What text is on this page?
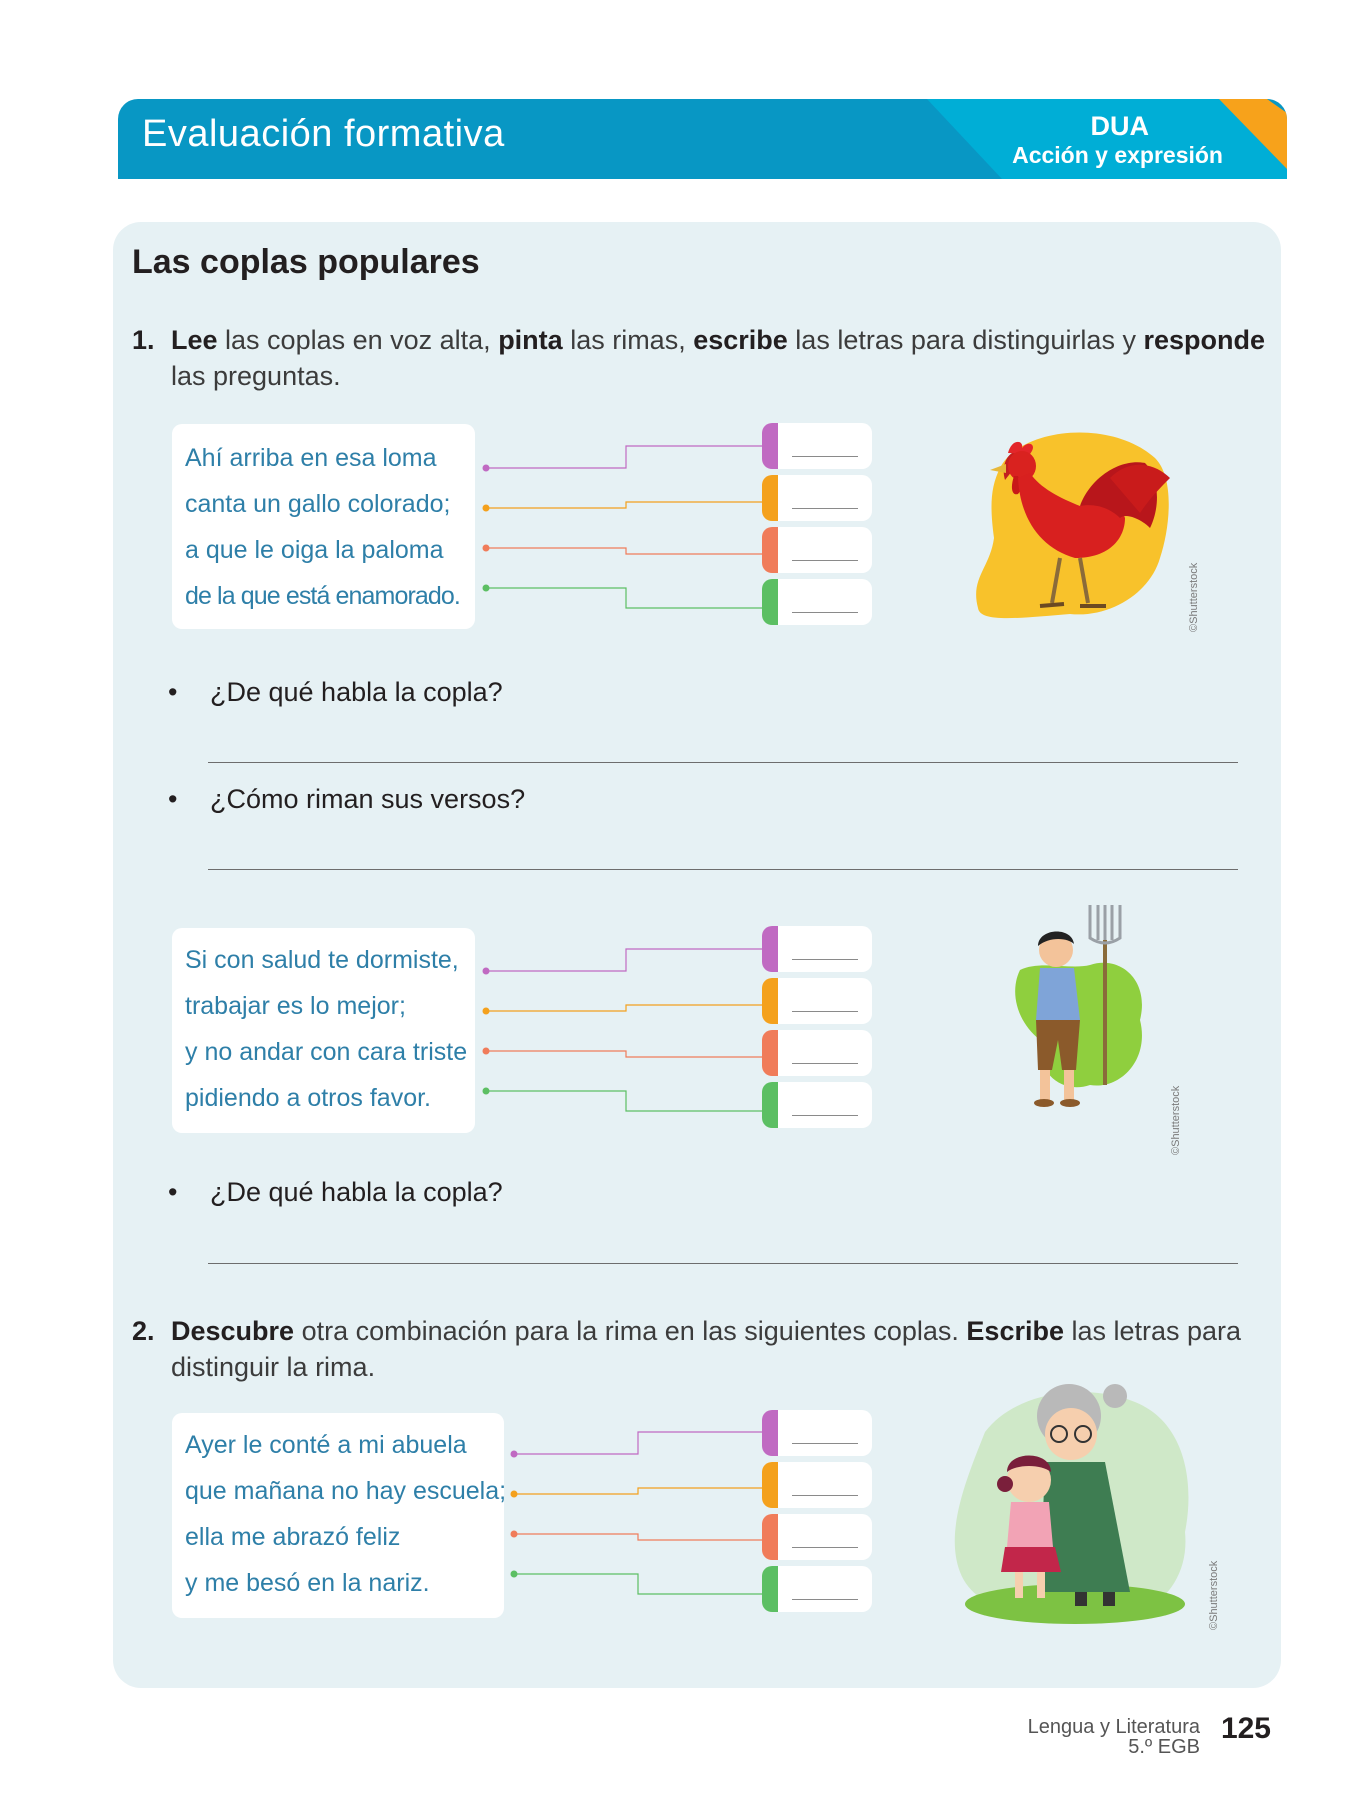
Evaluación formativa	DUA
Acción y expresión
Las coplas populares
1. Lee las coplas en voz alta, pinta las rimas, escribe las letras para distinguirlas y responde las preguntas.
Ahí arriba en esa loma
canta un gallo colorado;
a que le oiga la paloma
de la que está enamorado.	©Shutterstock
• ¿De qué habla la copla?
• ¿Cómo riman sus versos?
Si con salud te dormiste,
trabajar es lo mejor;
y no andar con cara triste
pidiendo a otros favor.	©Shutterstock
• ¿De qué habla la copla?
2. Descubre otra combinación para la rima en las siguientes coplas. Escribe las letras para distinguir la rima.
Ayer le conté a mi abuela
que mañana no hay escuela;
ella me abrazó feliz
y me besó en la nariz.	©Shutterstock
Lengua y Literatura
5.º EGB
125
